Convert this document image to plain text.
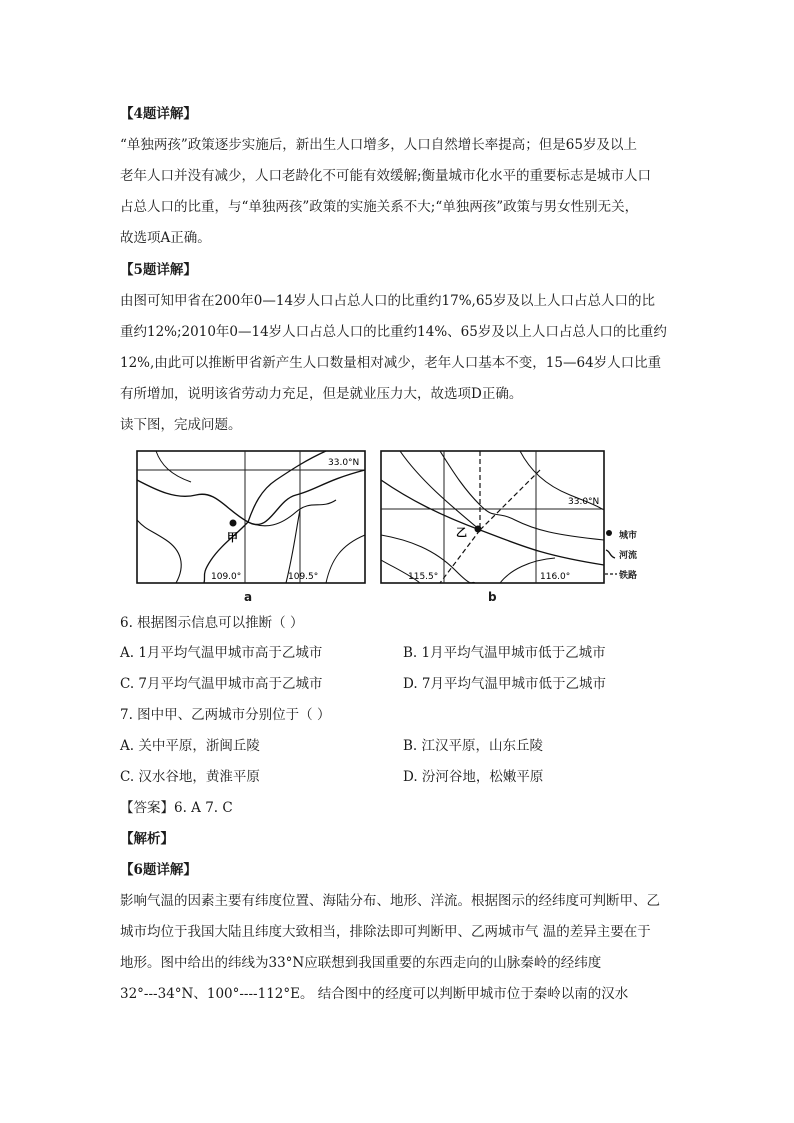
【4题详解】
“单独两孩”政策逐步实施后，新出生人口增多，人口自然增长率提高；但是65岁及以上
老年人口并没有减少，人口老龄化不可能有效缓解;衡量城市化水平的重要标志是城市人口
占总人口的比重，与“单独两孩”政策的实施关系不大;“单独两孩”政策与男女性别无关，
故选项A正确。
【5题详解】
由图可知甲省在200年0—14岁人口占总人口的比重约17%,65岁及以上人口占总人口的比
重约12%;2010年0—14岁人口占总人口的比重约14%、65岁及以上人口占总人口的比重约
12%,由此可以推断甲省新产生人口数量相对减少，老年人口基本不变，15—64岁人口比重
有所增加，说明该省劳动力充足，但是就业压力大，故选项D正确。
读下图，完成问题。
甲
33.0°N
109.0°	109.5°
a
乙
33.0°N
115.5°	116.0°
b
城市
河流
铁路
6. 根据图示信息可以推断（ ）
A. 1月平均气温甲城市高于乙城市	B. 1月平均气温甲城市低于乙城市
C. 7月平均气温甲城市高于乙城市	D. 7月平均气温甲城市低于乙城市
7. 图中甲、乙两城市分别位于（ ）
A. 关中平原，浙闽丘陵	B. 江汉平原，山东丘陵
C. 汉水谷地，黄淮平原	D. 汾河谷地，松嫩平原
【答案】6. A 7. C
【解析】
【6题详解】
影响气温的因素主要有纬度位置、海陆分布、地形、洋流。根据图示的经纬度可判断甲、乙
城市均位于我国大陆且纬度大致相当，排除法即可判断甲、乙两城市气 温的差异主要在于
地形。图中给出的纬线为33°N应联想到我国重要的东西走向的山脉秦岭的经纬度
32°---34°N、100°----112°E。 结合图中的经度可以判断甲城市位于秦岭以南的汉水
